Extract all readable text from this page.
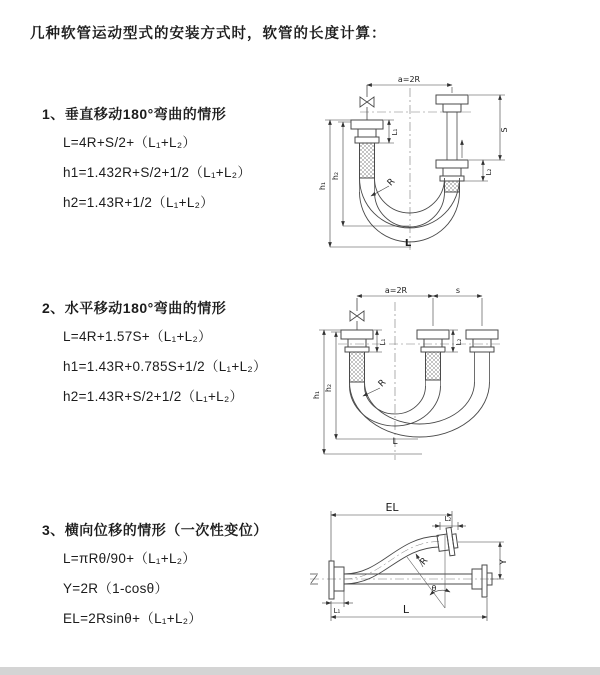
几种软管运动型式的安装方式时，软管的长度计算：
1、垂直移动180°弯曲的情形
L=4R+S/2+（L₁+L₂）
h1=1.432R+S/2+1/2（L₁+L₂）
h2=1.43R+1/2（L₁+L₂）
a=2R
L₁
h₁
h₂
S
L₂
R
L
2、水平移动180°弯曲的情形
L=4R+1.57S+（L₁+L₂）
h1=1.43R+0.785S+1/2（L₁+L₂）
h2=1.43R+S/2+1/2（L₁+L₂）
a=2R	s
h₁
h₂
L₁	L₂
R
L
3、横向位移的情形（一次性变位）
L=πRθ/90+（L₁+L₂）
Y=2R（1-cosθ）
EL=2Rsinθ+（L₁+L₂）
EL
L₂
Y
R
θ
L
L₁
